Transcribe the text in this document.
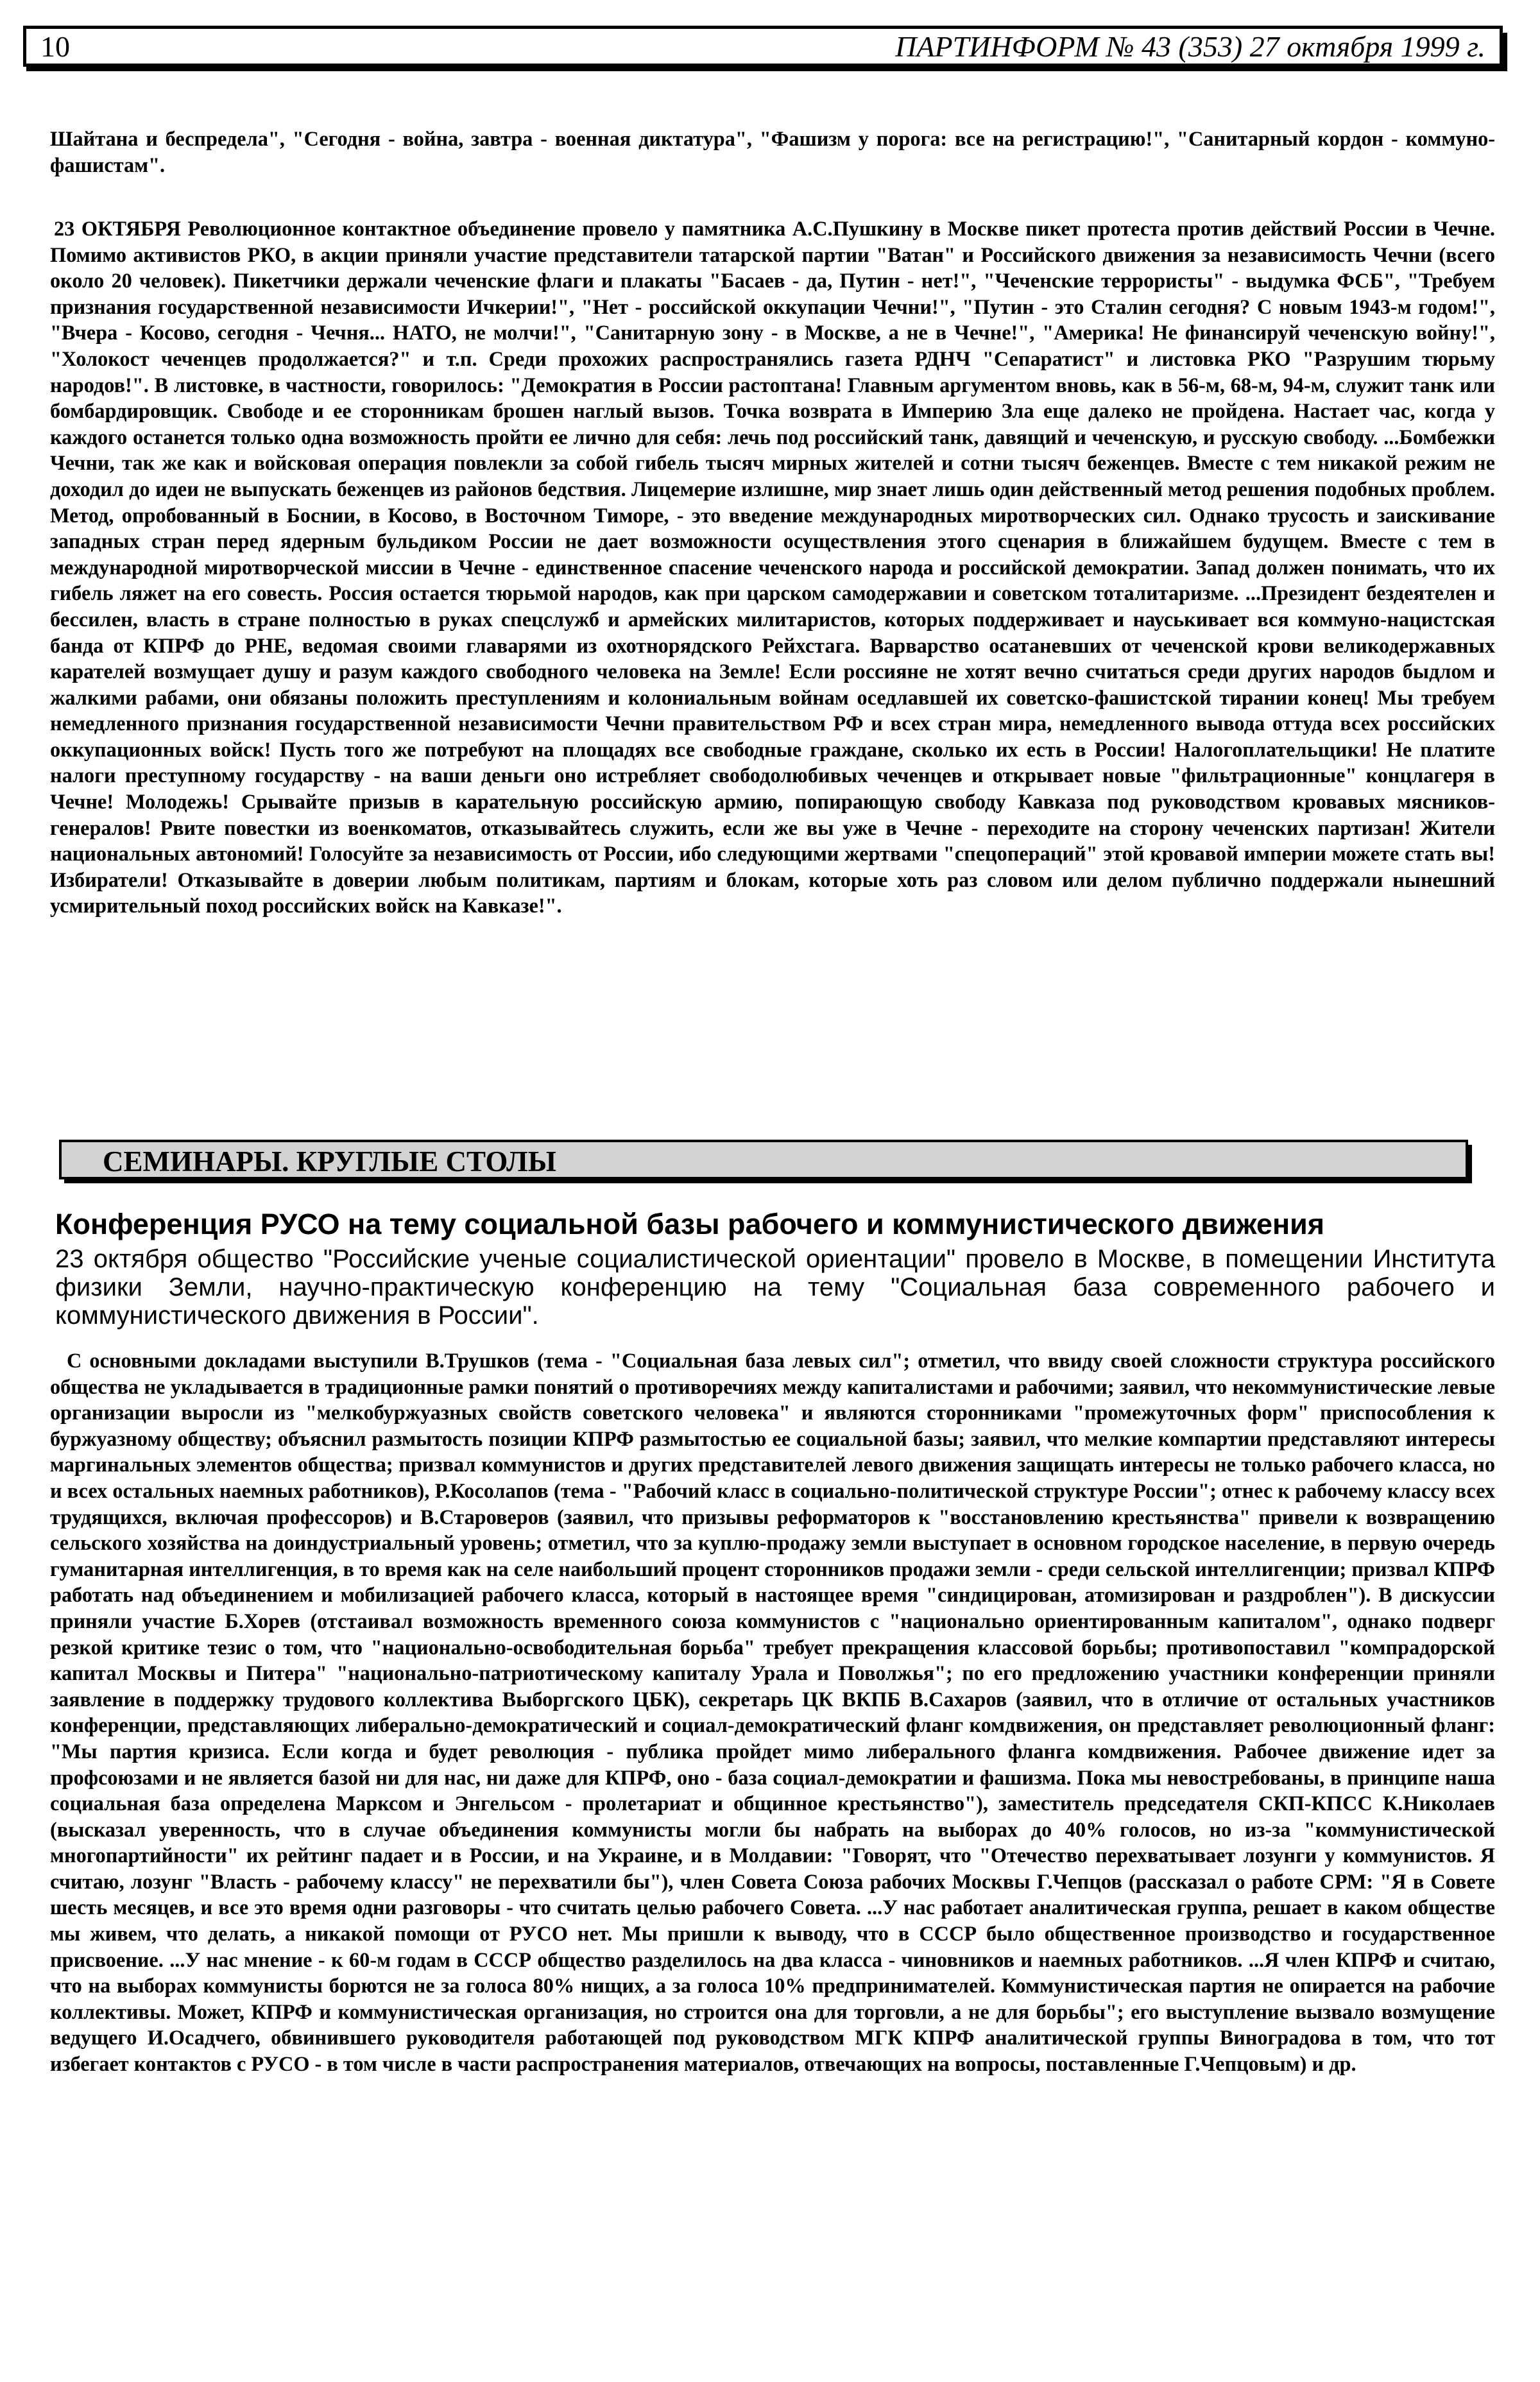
10	ПАРТИНФОРМ № 43 (353) 27 октября 1999 г.

Шайтана и беспредела", "Сегодня - война, завтра - военная диктатура", "Фашизм у порога: все на регистрацию!", "Санитарный кордон - коммуно-фашистам".

23 ОКТЯБРЯ Революционное контактное объединение провело у памятника А.С.Пушкину в Москве пикет протеста против действий России в Чечне. Помимо активистов РКО, в акции приняли участие представители татарской партии "Ватан" и Российского движения за независимость Чечни (всего около 20 человек). Пикетчики держали чеченские флаги и плакаты "Басаев - да, Путин - нет!", "Чеченские террористы" - выдумка ФСБ", "Требуем признания государственной независимости Ичкерии!", "Нет - российской оккупации Чечни!", "Путин - это Сталин сегодня? С новым 1943-м годом!", "Вчера - Косово, сегодня - Чечня... НАТО, не молчи!", "Санитарную зону - в Москве, а не в Чечне!", "Америка! Не финансируй чеченскую войну!", "Холокост чеченцев продолжается?" и т.п. Среди прохожих распространялись газета РДНЧ "Сепаратист" и листовка РКО "Разрушим тюрьму народов!". В листовке, в частности, говорилось: "Демократия в России растоптана! Главным аргументом вновь, как в 56-м, 68-м, 94-м, служит танк или бомбардировщик. Свободе и ее сторонникам брошен наглый вызов. Точка возврата в Империю Зла еще далеко не пройдена. Настает час, когда у каждого останется только одна возможность пройти ее лично для себя: лечь под российский танк, давящий и чеченскую, и русскую свободу. ...Бомбежки Чечни, так же как и войсковая операция повлекли за собой гибель тысяч мирных жителей и сотни тысяч беженцев. Вместе с тем никакой режим не доходил до идеи не выпускать беженцев из районов бедствия. Лицемерие излишне, мир знает лишь один действенный метод решения подобных проблем. Метод, опробованный в Боснии, в Косово, в Восточном Тиморе, - это введение международных миротворческих сил. Однако трусость и заискивание западных стран перед ядерным бульдиком России не дает возможности осуществления этого сценария в ближайшем будущем. Вместе с тем в международной миротворческой миссии в Чечне - единственное спасение чеченского народа и российской демократии. Запад должен понимать, что их гибель ляжет на его совесть. Россия остается тюрьмой народов, как при царском самодержавии и советском тоталитаризме. ...Президент бездеятелен и бессилен, власть в стране полностью в руках спецслужб и армейских милитаристов, которых поддерживает и науськивает вся коммуно-нацистская банда от КПРФ до РНЕ, ведомая своими главарями из охотнорядского Рейхстага. Варварство осатаневших от чеченской крови великодержавных карателей возмущает душу и разум каждого свободного человека на Земле! Если россияне не хотят вечно считаться среди других народов быдлом и жалкими рабами, они обязаны положить преступлениям и колониальным войнам оседлавшей их советско-фашистской тирании конец! Мы требуем немедленного признания государственной независимости Чечни правительством РФ и всех стран мира, немедленного вывода оттуда всех российских оккупационных войск! Пусть того же потребуют на площадях все свободные граждане, сколько их есть в России! Налогоплательщики! Не платите налоги преступному государству - на ваши деньги оно истребляет свободолюбивых чеченцев и открывает новые "фильтрационные" концлагеря в Чечне! Молодежь! Срывайте призыв в карательную российскую армию, попирающую свободу Кавказа под руководством кровавых мясников-генералов! Рвите повестки из военкоматов, отказывайтесь служить, если же вы уже в Чечне - переходите на сторону чеченских партизан! Жители национальных автономий! Голосуйте за независимость от России, ибо следующими жертвами "спецопераций" этой кровавой империи можете стать вы! Избиратели! Отказывайте в доверии любым политикам, партиям и блокам, которые хоть раз словом или делом публично поддержали нынешний усмирительный поход российских войск на Кавказе!".

СЕМИНАРЫ. КРУГЛЫЕ СТОЛЫ
Конференция РУСО на тему социальной базы рабочего и коммунистического движения
23 октября общество "Российские ученые социалистической ориентации" провело в Москве, в помещении Института физики Земли, научно-практическую конференцию на тему "Социальная база современного рабочего и коммунистического движения в России".

С основными докладами выступили В.Трушков (тема - "Социальная база левых сил"; отметил, что ввиду своей сложности структура российского общества не укладывается в традиционные рамки понятий о противоречиях между капиталистами и рабочими; заявил, что некоммунистические левые организации выросли из "мелкобуржуазных свойств советского человека" и являются сторонниками "промежуточных форм" приспособления к буржуазному обществу; объяснил размытость позиции КПРФ размытостью ее социальной базы; заявил, что мелкие компартии представляют интересы маргинальных элементов общества; призвал коммунистов и других представителей левого движения защищать интересы не только рабочего класса, но и всех остальных наемных работников), Р.Косолапов (тема - "Рабочий класс в социально-политической структуре России"; отнес к рабочему классу всех трудящихся, включая профессоров) и В.Староверов (заявил, что призывы реформаторов к "восстановлению крестьянства" привели к возвращению сельского хозяйства на доиндустриальный уровень; отметил, что за куплю-продажу земли выступает в основном городское население, в первую очередь гуманитарная интеллигенция, в то время как на селе наибольший процент сторонников продажи земли - среди сельской интеллигенции; призвал КПРФ работать над объединением и мобилизацией рабочего класса, который в настоящее время "синдицирован, атомизирован и раздроблен"). В дискуссии приняли участие Б.Хорев (отстаивал возможность временного союза коммунистов с "национально ориентированным капиталом", однако подверг резкой критике тезис о том, что "национально-освободительная борьба" требует прекращения классовой борьбы; противопоставил "компрадорской капитал Москвы и Питера" "национально-патриотическому капиталу Урала и Поволжья"; по его предложению участники конференции приняли заявление в поддержку трудового коллектива Выборгского ЦБК), секретарь ЦК ВКПБ В.Сахаров (заявил, что в отличие от остальных участников конференции, представляющих либерально-демократический и социал-демократический фланг комдвижения, он представляет революционный фланг: "Мы партия кризиса. Если когда и будет революция - публика пройдет мимо либерального фланга комдвижения. Рабочее движение идет за профсоюзами и не является базой ни для нас, ни даже для КПРФ, оно - база социал-демократии и фашизма. Пока мы невостребованы, в принципе наша социальная база определена Марксом и Энгельсом - пролетариат и общинное крестьянство"), заместитель председателя СКП-КПСС К.Николаев (высказал уверенность, что в случае объединения коммунисты могли бы набрать на выборах до 40% голосов, но из-за "коммунистической многопартийности" их рейтинг падает и в России, и на Украине, и в Молдавии: "Говорят, что "Отечество перехватывает лозунги у коммунистов. Я считаю, лозунг "Власть - рабочему классу" не перехватили бы"), член Совета Союза рабочих Москвы Г.Чепцов (рассказал о работе СРМ: "Я в Совете шесть месяцев, и все это время одни разговоры - что считать целью рабочего Совета. ...У нас работает аналитическая группа, решает в каком обществе мы живем, что делать, а никакой помощи от РУСО нет. Мы пришли к выводу, что в СССР было общественное производство и государственное присвоение. ...У нас мнение - к 60-м годам в СССР общество разделилось на два класса - чиновников и наемных работников. ...Я член КПРФ и считаю, что на выборах коммунисты борются не за голоса 80% нищих, а за голоса 10% предпринимателей. Коммунистическая партия не опирается на рабочие коллективы. Может, КПРФ и коммунистическая организация, но строится она для торговли, а не для борьбы"; его выступление вызвало возмущение ведущего И.Осадчего, обвинившего руководителя работающей под руководством МГК КПРФ аналитической группы Виноградова в том, что тот избегает контактов с РУСО - в том числе в части распространения материалов, отвечающих на вопросы, поставленные Г.Чепцовым) и др.
